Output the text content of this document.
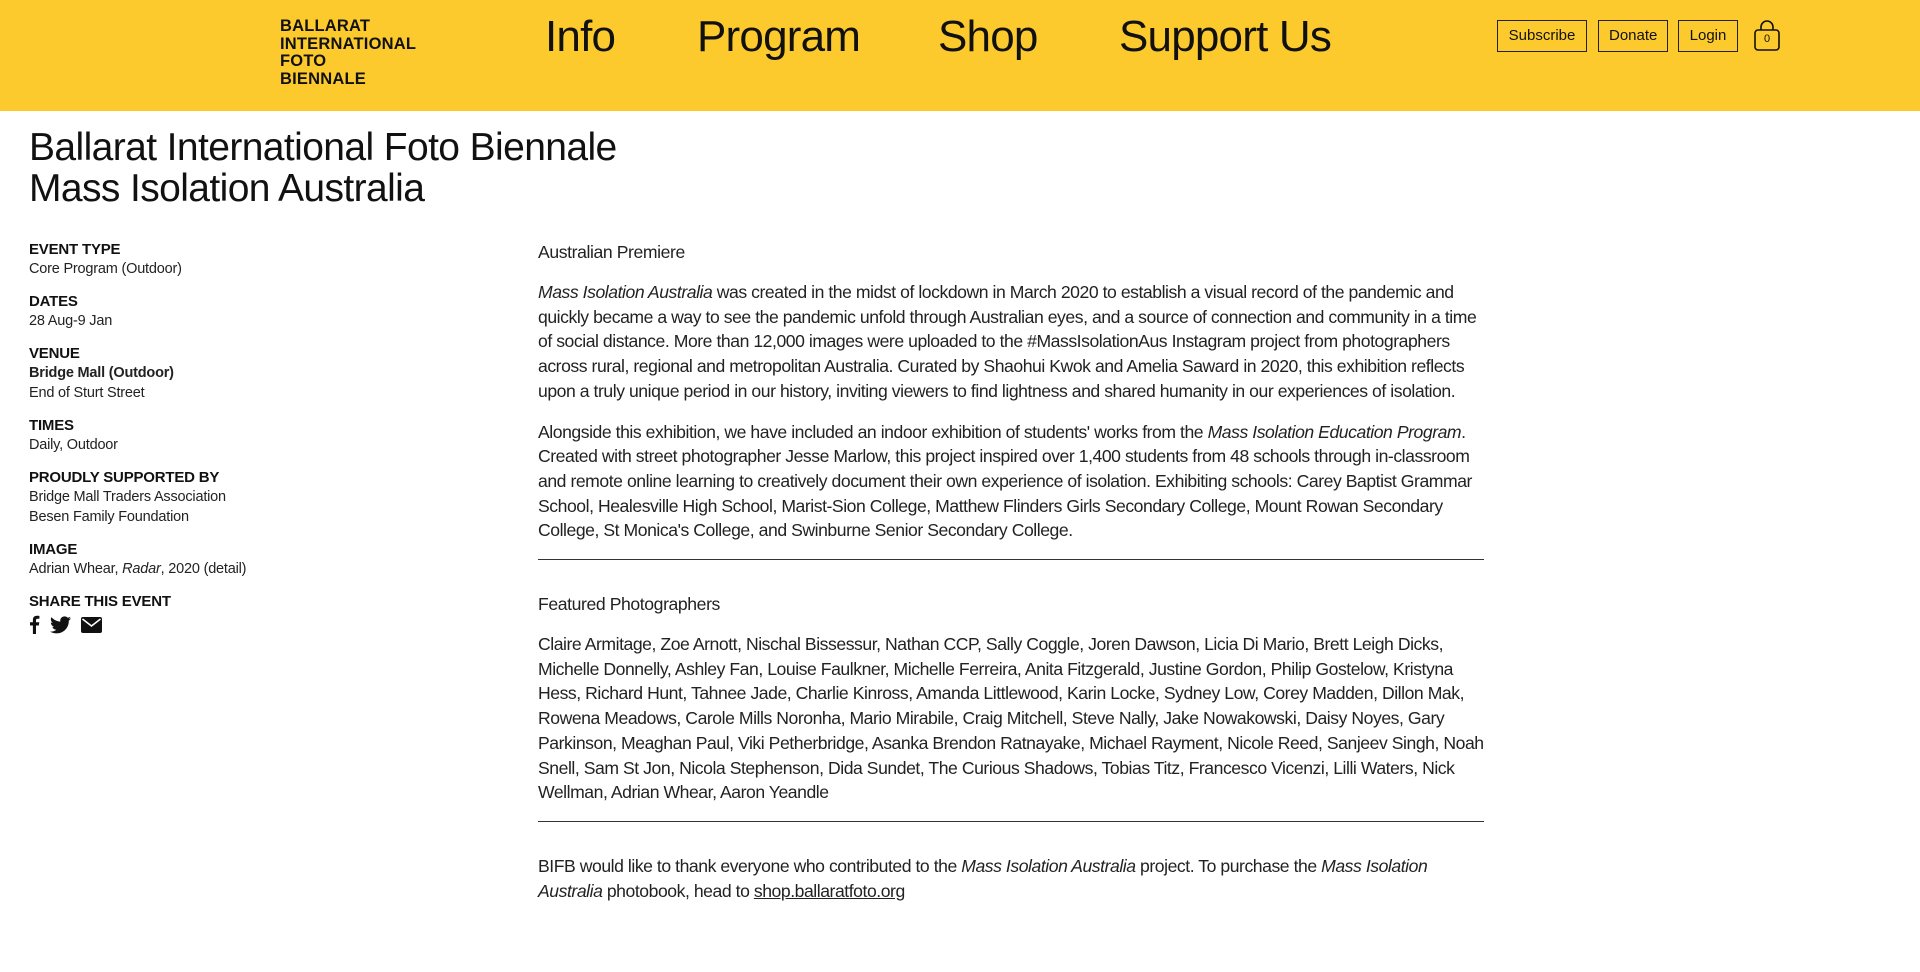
BALLARAT
INTERNATIONAL
FOTO
BIENNALE
Info Program Shop Support Us	Subscribe	Donate	Login	0
Ballarat International Foto Biennale
Mass Isolation Australia
EVENT TYPE
Core Program (Outdoor)
DATES
28 Aug-9 Jan
VENUE
Bridge Mall (Outdoor)
End of Sturt Street
TIMES
Daily, Outdoor
PROUDLY SUPPORTED BY
Bridge Mall Traders Association
Besen Family Foundation
IMAGE
Adrian Whear, Radar, 2020 (detail)
SHARE THIS EVENT
Australian Premiere

Mass Isolation Australia was created in the midst of lockdown in March 2020 to establish a visual record of the pandemic and quickly became a way to see the pandemic unfold through Australian eyes, and a source of connection and community in a time of social distance. More than 12,000 images were uploaded to the #MassIsolationAus Instagram project from photographers across rural, regional and metropolitan Australia. Curated by Shaohui Kwok and Amelia Saward in 2020, this exhibition reflects upon a truly unique period in our history, inviting viewers to find lightness and shared humanity in our experiences of isolation.

Alongside this exhibition, we have included an indoor exhibition of students' works from the Mass Isolation Education Program. Created with street photographer Jesse Marlow, this project inspired over 1,400 students from 48 schools through in-classroom and remote online learning to creatively document their own experience of isolation. Exhibiting schools: Carey Baptist Grammar School, Healesville High School, Marist-Sion College, Matthew Flinders Girls Secondary College, Mount Rowan Secondary College, St Monica's College, and Swinburne Senior Secondary College.

Featured Photographers

Claire Armitage, Zoe Arnott, Nischal Bissessur, Nathan CCP, Sally Coggle, Joren Dawson, Licia Di Mario, Brett Leigh Dicks, Michelle Donnelly, Ashley Fan, Louise Faulkner, Michelle Ferreira, Anita Fitzgerald, Justine Gordon, Philip Gostelow, Kristyna Hess, Richard Hunt, Tahnee Jade, Charlie Kinross, Amanda Littlewood, Karin Locke, Sydney Low, Corey Madden, Dillon Mak, Rowena Meadows, Carole Mills Noronha, Mario Mirabile, Craig Mitchell, Steve Nally, Jake Nowakowski, Daisy Noyes, Gary Parkinson, Meaghan Paul, Viki Petherbridge, Asanka Brendon Ratnayake, Michael Rayment, Nicole Reed, Sanjeev Singh, Noah Snell, Sam St Jon, Nicola Stephenson, Dida Sundet, The Curious Shadows, Tobias Titz, Francesco Vicenzi, Lilli Waters, Nick Wellman, Adrian Whear, Aaron Yeandle

BIFB would like to thank everyone who contributed to the Mass Isolation Australia project. To purchase the Mass Isolation Australia photobook, head to shop.ballaratfoto.org
